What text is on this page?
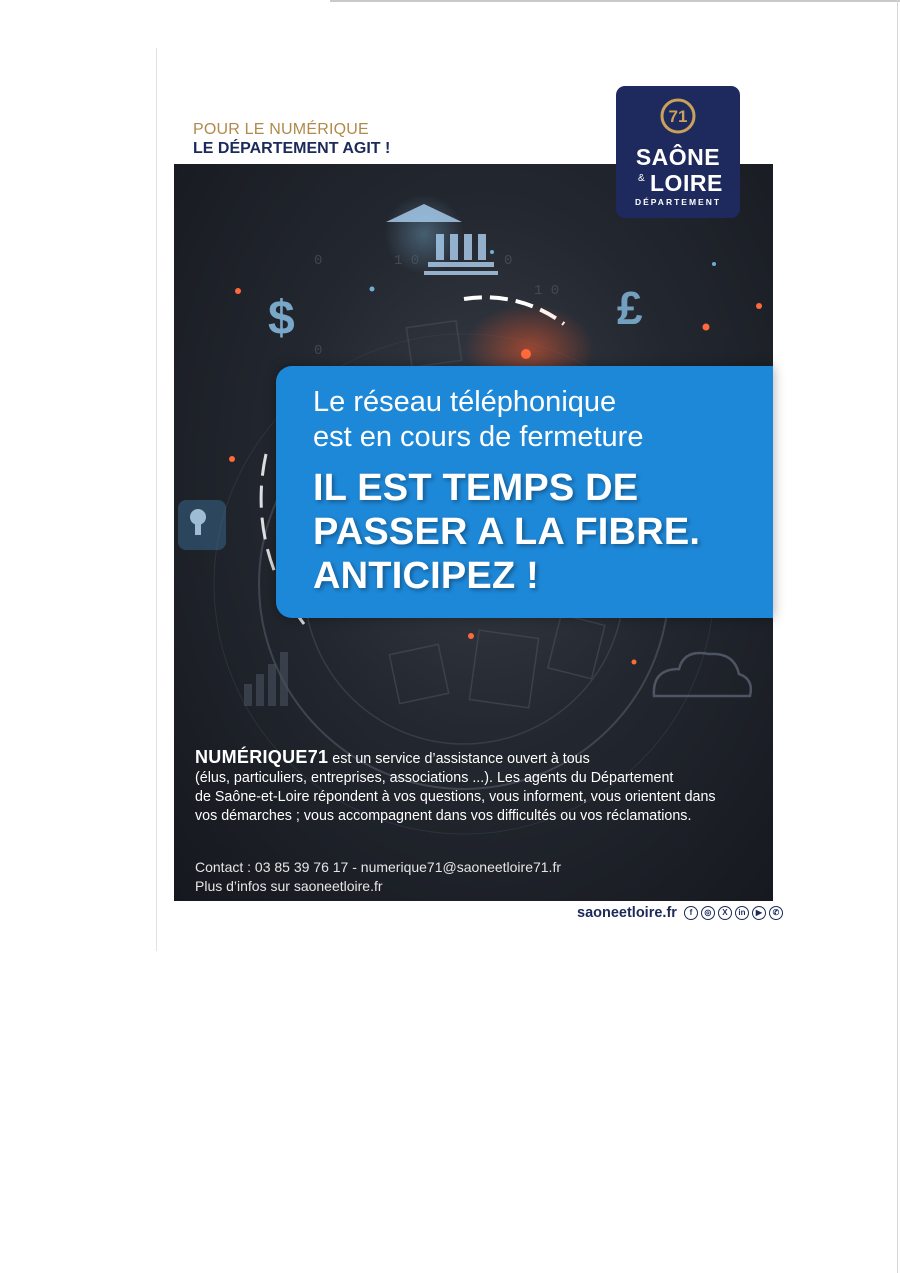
POUR LE NUMÉRIQUE
LE DÉPARTEMENT AGIT !
71
SAÔNE
& LOIRE
DÉPARTEMENT
$	£
0	1 0	0
1 0
0
Le réseau téléphonique
est en cours de fermeture
IL EST TEMPS DE
PASSER A LA FIBRE.
ANTICIPEZ !
NUMÉRIQUE71 est un service d’assistance ouvert à tous
(élus, particuliers, entreprises, associations ...). Les agents du Département
de Saône-et-Loire répondent à vos questions, vous informent, vous orientent dans
vos démarches ; vous accompagnent dans vos difficultés ou vos réclamations.
Contact : 03 85 39 76 17 - numerique71@saoneetloire71.fr
Plus d’infos sur saoneetloire.fr
saoneetloire.fr	f	◎	X	in	▶	✆
